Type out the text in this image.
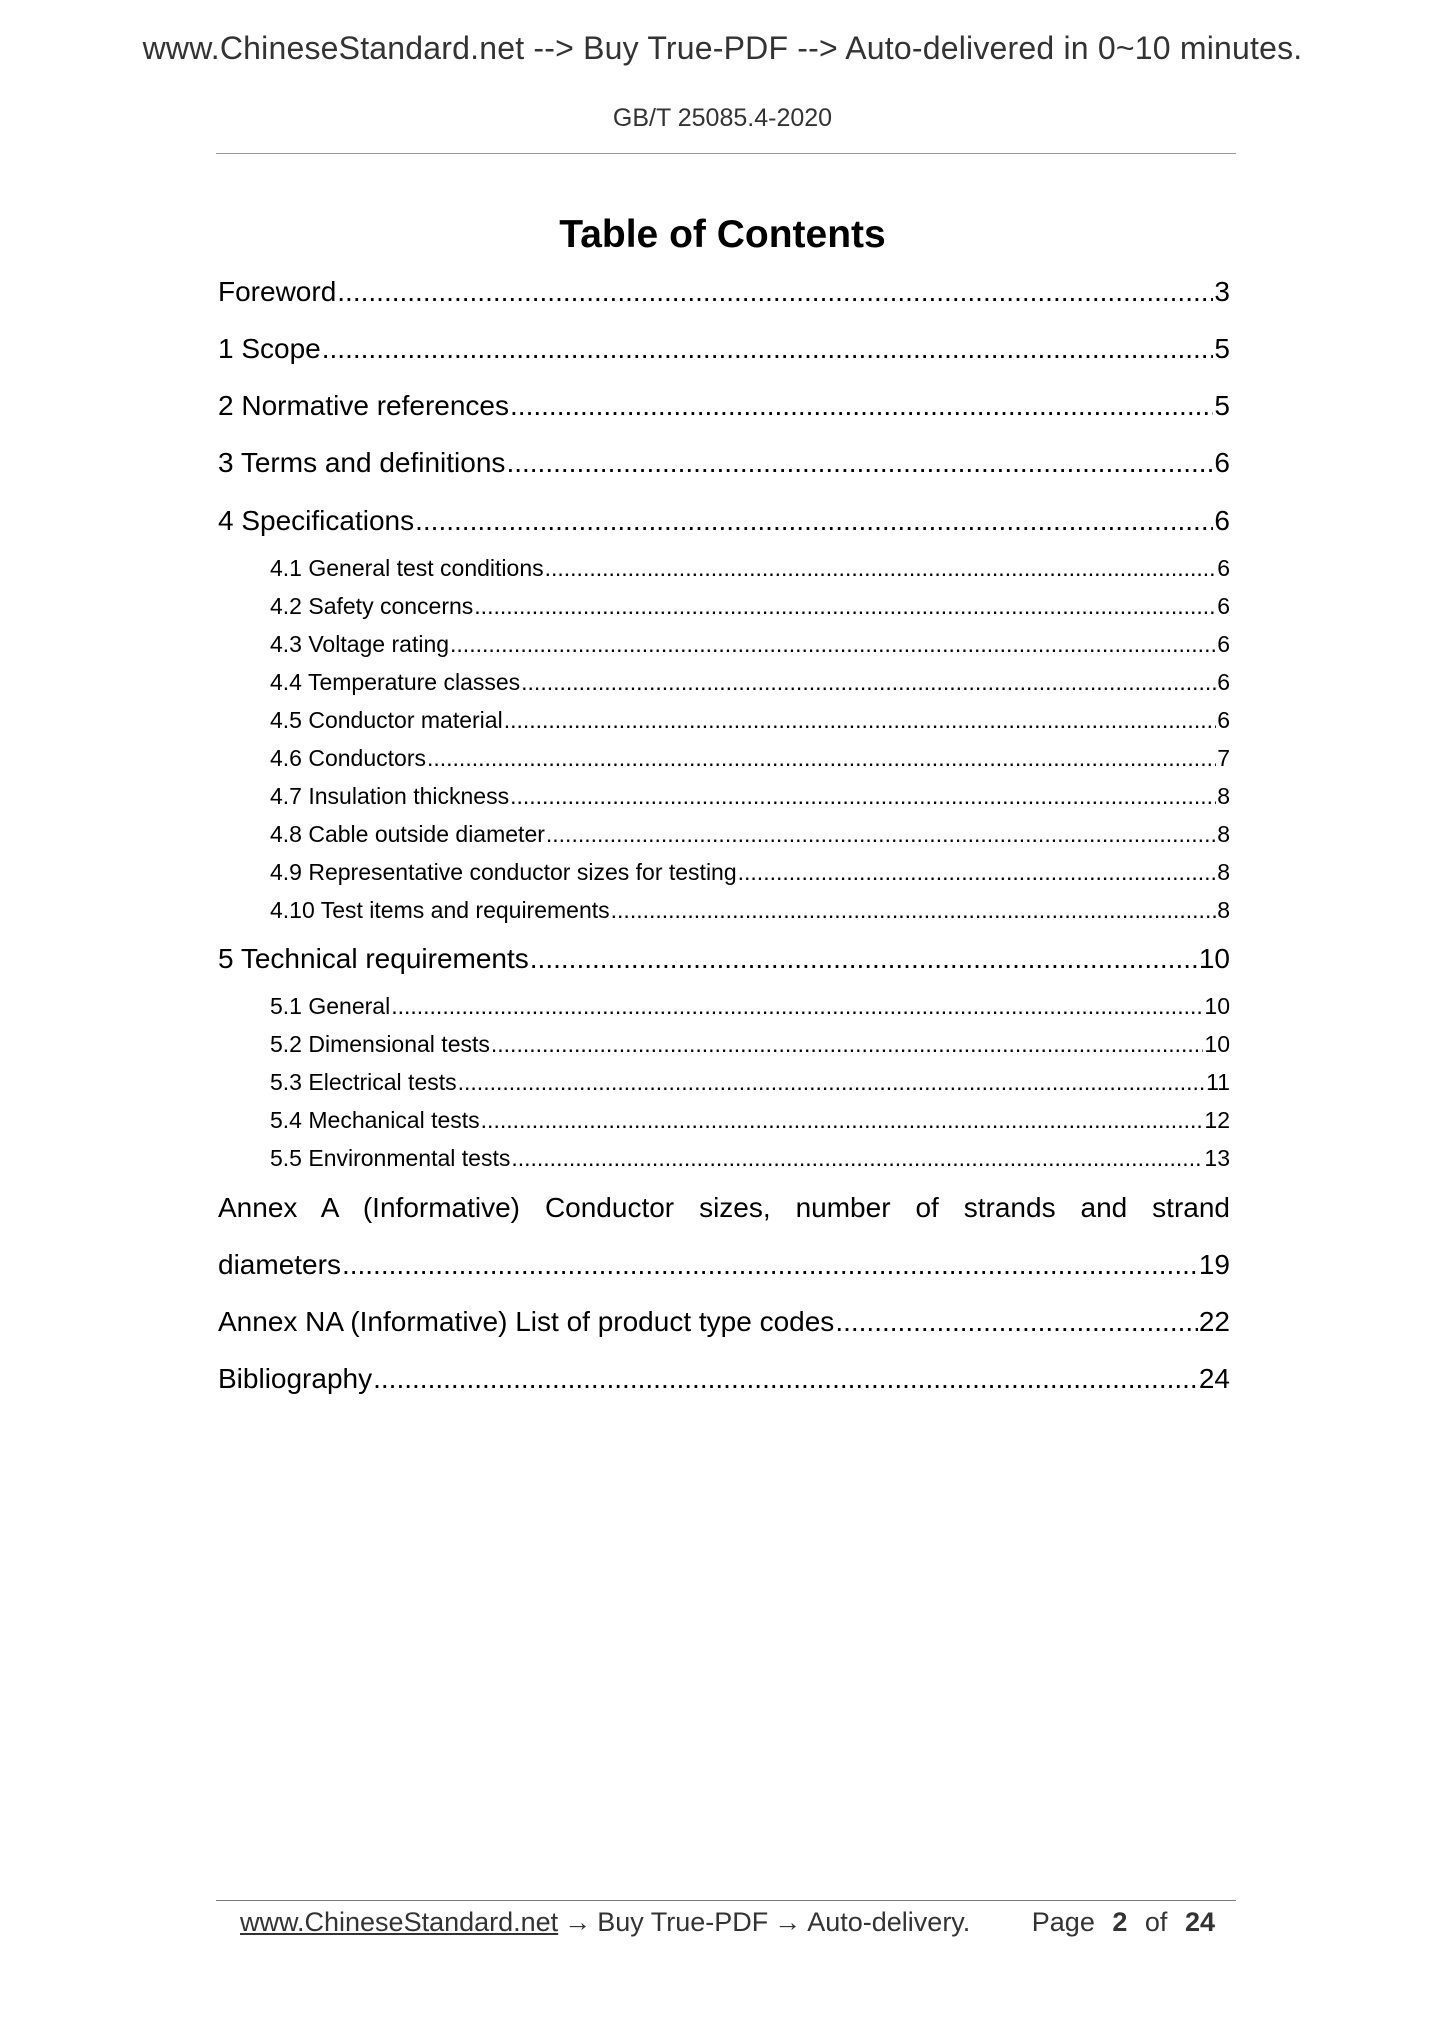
www.ChineseStandard.net --> Buy True-PDF --> Auto-delivered in 0~10 minutes.
GB/T 25085.4-2020
Table of Contents
Foreword .....	3
1 Scope .....	5
2 Normative references .....	5
3 Terms and definitions .....	6
4 Specifications .....	6
4.1 General test conditions .....	6
4.2 Safety concerns .....	6
4.3 Voltage rating .....	6
4.4 Temperature classes .....	6
4.5 Conductor material .....	6
4.6 Conductors .....	7
4.7 Insulation thickness .....	8
4.8 Cable outside diameter .....	8
4.9 Representative conductor sizes for testing .....	8
4.10 Test items and requirements .....	8
5 Technical requirements .....	10
5.1 General .....	10
5.2 Dimensional tests .....	10
5.3 Electrical tests .....	11
5.4 Mechanical tests .....	12
5.5 Environmental tests .....	13
Annex A (Informative) Conductor sizes, number of strands and strand
diameters .....	19
Annex NA (Informative) List of product type codes .....	22
Bibliography .....	24
www.ChineseStandard.net → Buy True-PDF → Auto-delivery. Page 2 of 24
